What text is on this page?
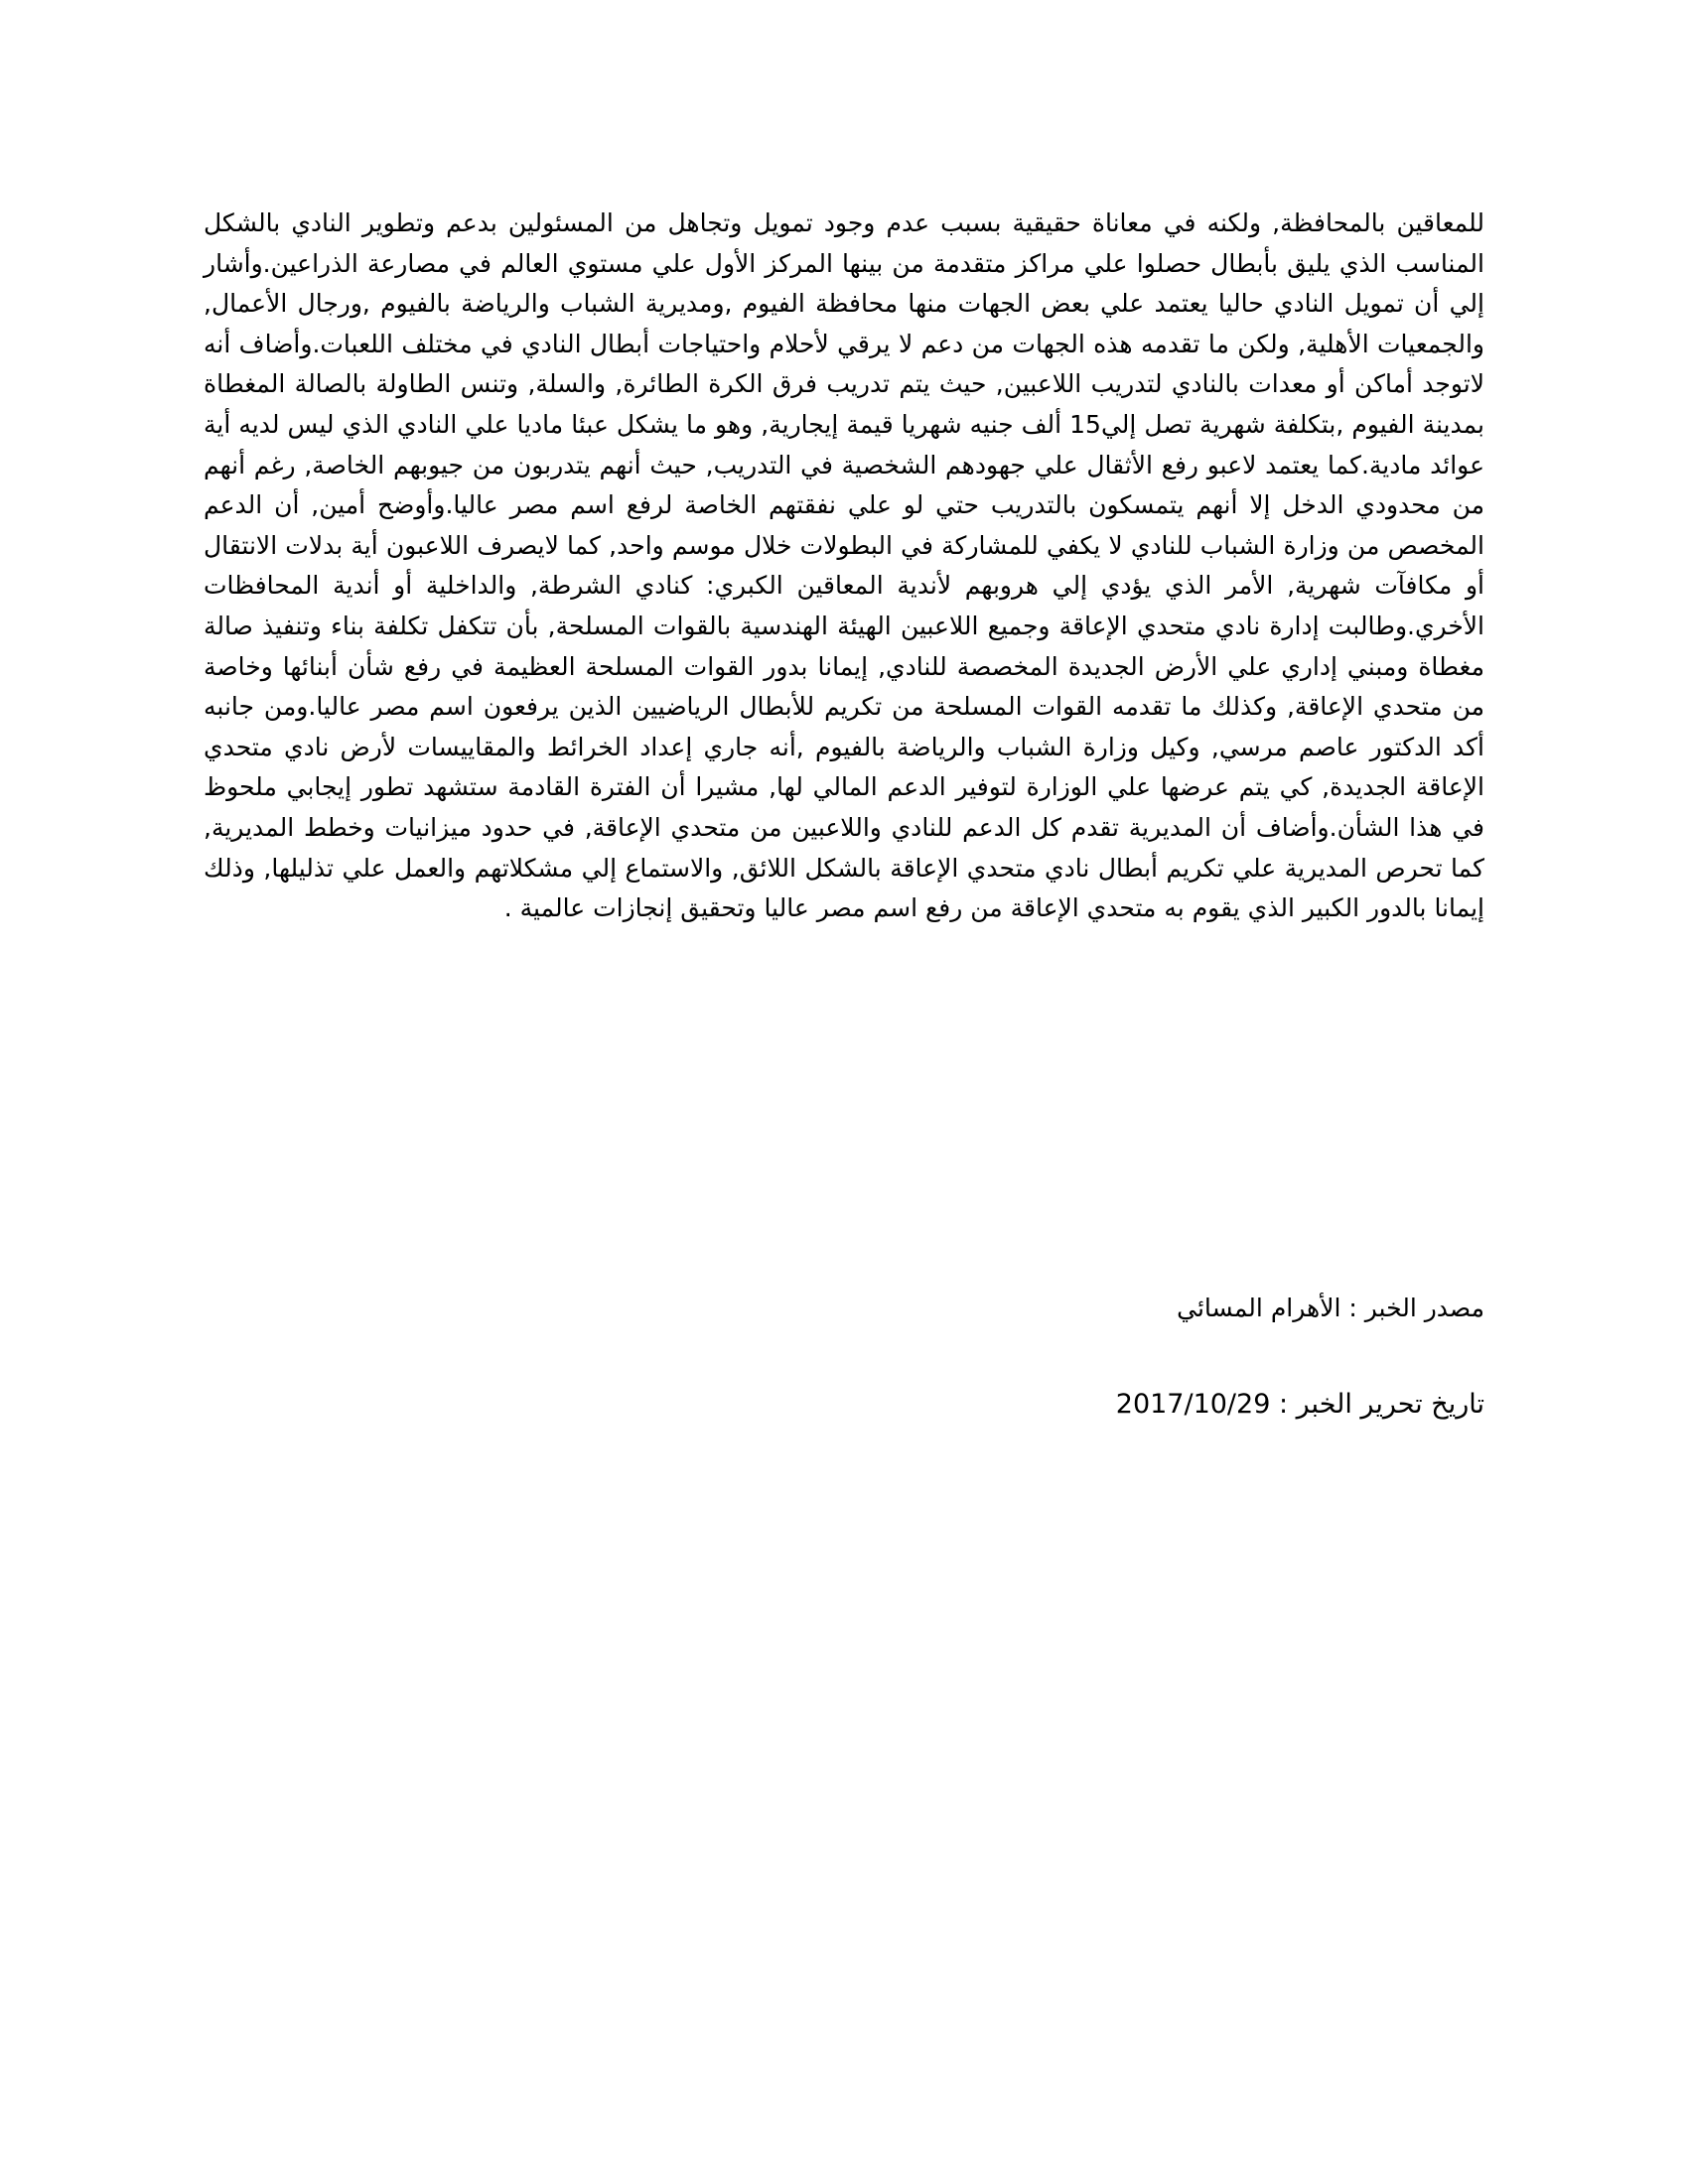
للمعاقين بالمحافظة, ولكنه في معاناة حقيقية بسبب عدم وجود تمويل وتجاهل من المسئولين بدعم وتطوير النادي بالشكل المناسب الذي يليق بأبطال حصلوا علي مراكز متقدمة من بينها المركز الأول علي مستوي العالم في مصارعة الذراعين.وأشار إلي أن تمويل النادي حاليا يعتمد علي بعض الجهات منها محافظة الفيوم ,ومديرية الشباب والرياضة بالفيوم ,ورجال الأعمال, والجمعيات الأهلية, ولكن ما تقدمه هذه الجهات من دعم لا يرقي لأحلام واحتياجات أبطال النادي في مختلف اللعبات.وأضاف أنه لاتوجد أماكن أو معدات بالنادي لتدريب اللاعبين, حيث يتم تدريب فرق الكرة الطائرة, والسلة, وتنس الطاولة بالصالة المغطاة بمدينة الفيوم ,بتكلفة شهرية تصل إلي15 ألف جنيه شهريا قيمة إيجارية, وهو ما يشكل عبئا ماديا علي النادي الذي ليس لديه أية عوائد مادية.كما يعتمد لاعبو رفع الأثقال علي جهودهم الشخصية في التدريب, حيث أنهم يتدربون من جيوبهم الخاصة, رغم أنهم من محدودي الدخل إلا أنهم يتمسكون بالتدريب حتي لو علي نفقتهم الخاصة لرفع اسم مصر عاليا.وأوضح أمين, أن الدعم المخصص من وزارة الشباب للنادي لا يكفي للمشاركة في البطولات خلال موسم واحد, كما لايصرف اللاعبون أية بدلات الانتقال أو مكافآت شهرية, الأمر الذي يؤدي إلي هروبهم لأندية المعاقين الكبري: كنادي الشرطة, والداخلية أو أندية المحافظات الأخري.وطالبت إدارة نادي متحدي الإعاقة وجميع اللاعبين الهيئة الهندسية بالقوات المسلحة, بأن تتكفل تكلفة بناء وتنفيذ صالة مغطاة ومبني إداري علي الأرض الجديدة المخصصة للنادي, إيمانا بدور القوات المسلحة العظيمة في رفع شأن أبنائها وخاصة من متحدي الإعاقة, وكذلك ما تقدمه القوات المسلحة من تكريم للأبطال الرياضيين الذين يرفعون اسم مصر عاليا.ومن جانبه أكد الدكتور عاصم مرسي, وكيل وزارة الشباب والرياضة بالفيوم ,أنه جاري إعداد الخرائط والمقاييسات لأرض نادي متحدي الإعاقة الجديدة, كي يتم عرضها علي الوزارة لتوفير الدعم المالي لها, مشيرا أن الفترة القادمة ستشهد تطور إيجابي ملحوظ في هذا الشأن.وأضاف أن المديرية تقدم كل الدعم للنادي واللاعبين من متحدي الإعاقة, في حدود ميزانيات وخطط المديرية, كما تحرص المديرية علي تكريم أبطال نادي متحدي الإعاقة بالشكل اللائق, والاستماع إلي مشكلاتهم والعمل علي تذليلها, وذلك إيمانا بالدور الكبير الذي يقوم به متحدي الإعاقة من رفع اسم مصر عاليا وتحقيق إنجازات عالمية .

مصدر الخبر : الأهرام المسائي

تاريخ تحرير الخبر : 2017/10/29
